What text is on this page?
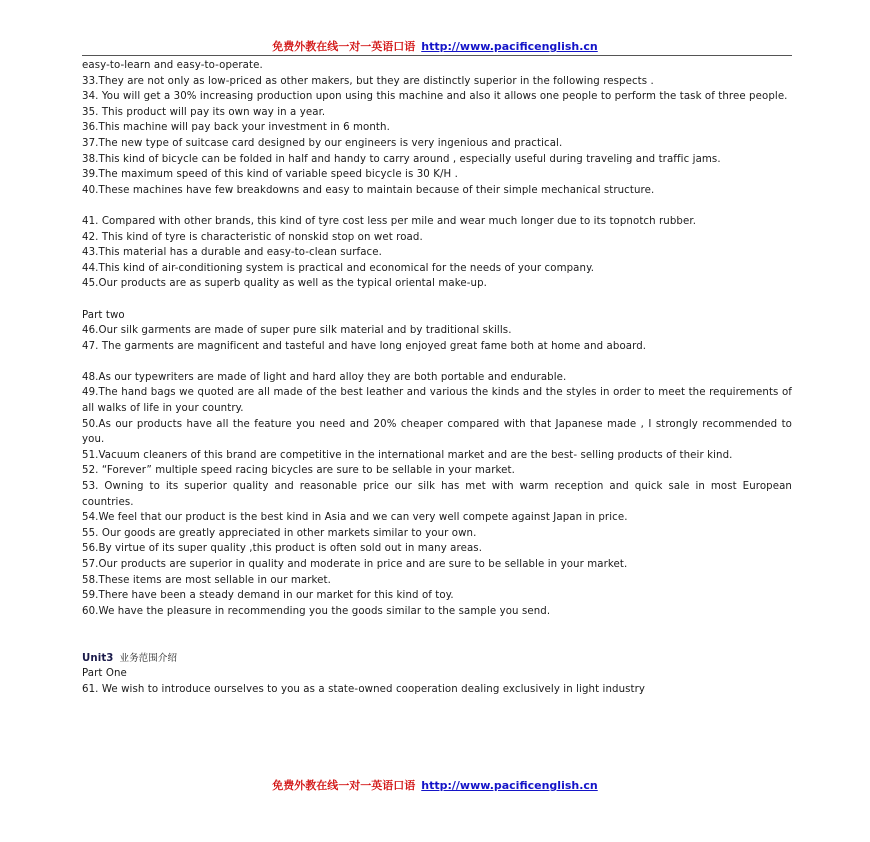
免费外教在线一对一英语口语 http://www.pacificenglish.cn

easy-to-learn and easy-to-operate.

33.They are not only as low-priced as other makers, but they are distinctly superior in the following respects .

34. You will get a 30% increasing production upon using this machine and also it allows one people to perform the task of three people.

35. This product will pay its own way in a year.

36.This machine will pay back your investment in 6 month.

37.The new type of suitcase card designed by our engineers is very ingenious and practical.

38.This kind of bicycle can be folded in half and handy to carry around , especially useful during traveling and traffic jams.

39.The maximum speed of this kind of variable speed bicycle is 30 K/H .

40.These machines have few breakdowns and easy to maintain because of their simple mechanical structure.

41. Compared with other brands, this kind of tyre cost less per mile and wear much longer due to its topnotch rubber.

42. This kind of tyre is characteristic of nonskid stop on wet road.

43.This material has a durable and easy-to-clean surface.

44.This kind of air-conditioning system is practical and economical for the needs of your company.

45.Our products are as superb quality as well as the typical oriental make-up.

Part two

46.Our silk garments are made of super pure silk material and by traditional skills.

47. The garments are magnificent and tasteful and have long enjoyed great fame both at home and aboard.

48.As our typewriters are made of light and hard alloy they are both portable and endurable.

49.The hand bags we quoted are all made of the best leather and various the kinds and the styles in order to meet the requirements of all walks of life in your country.

50.As our products have all the feature you need and 20% cheaper compared with that Japanese made , I strongly recommended to you.

51.Vacuum cleaners of this brand are competitive in the international market and are the best- selling products of their kind.

52. “Forever” multiple speed racing bicycles are sure to be sellable in your market.

53. Owning to its superior quality and reasonable price our silk has met with warm reception and quick sale in most European countries.

54.We feel that our product is the best kind in Asia and we can very well compete against Japan in price.

55. Our goods are greatly appreciated in other markets similar to your own.

56.By virtue of its super quality ,this product is often sold out in many areas.

57.Our products are superior in quality and moderate in price and are sure to be sellable in your market.

58.These items are most sellable in our market.

59.There have been a steady demand in our market for this kind of toy.

60.We have the pleasure in recommending you the goods similar to the sample you send.

Unit3 业务范围介绍

Part One

61. We wish to introduce ourselves to you as a state-owned cooperation dealing exclusively in light industry

免费外教在线一对一英语口语 http://www.pacificenglish.cn
